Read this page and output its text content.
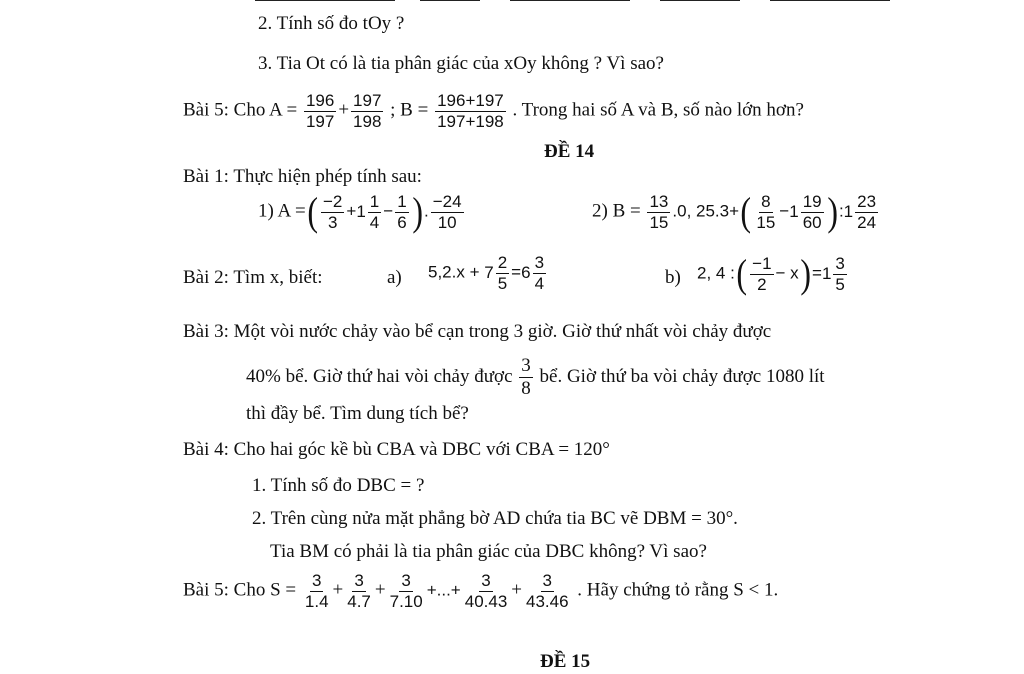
2. Tính số đo tOy ?
3. Tia Ot có là tia phân giác của xOy không ? Vì sao?
Bài 5: Cho $A = \frac{196}{197} + \frac{197}{198}$ ; $B = \frac{196+197}{197+198}$ . Trong hai số A và B, số nào lớn hơn?
ĐỀ 14
Bài 1: Thực hiện phép tính sau:
1) A =( $\frac{-2}{3} + 1 \frac{1}{4} - \frac{1}{6}$ ). $\frac{-24}{10}$	2) $B = \frac{13}{15} .0$, $25.3+( \frac{8}{15} - 1 \frac{19}{60}$ ): $1 \frac{23}{24}$
Bài 2: Tìm x, biết:	a) $5,2.x + 7 \frac{2}{5} = 6 \frac{3}{4}$	b) 2, 4 :( $\frac{-1}{2} - x)= 1 \frac{3}{5}$
Bài 3: Một vòi nước chảy vào bể cạn trong 3 giờ. Giờ thứ nhất vòi chảy được
40% bể. Giờ thứ hai vòi chảy được $\frac{3}{8}$ bể. Giờ thứ ba vòi chảy được 1080 lít
thì đầy bể. Tìm dung tích bể?
Bài 4: Cho hai góc kề bù CBA và DBC với CBA = 120°
1. Tính số đo DBC = ?
2. Trên cùng nửa mặt phẳng bờ AD chứa tia BC vẽ DBM = 30°.
Tia BM có phải là tia phân giác của DBC không? Vì sao?
Bài 5: Cho $S = \frac{3}{1.4} + \frac{3}{4.7} + \frac{3}{7.10}$ +...+ $\frac{3}{40.43} + \frac{3}{43.46}$ . Hãy chứng tỏ rằng S < 1.
ĐỀ 15
